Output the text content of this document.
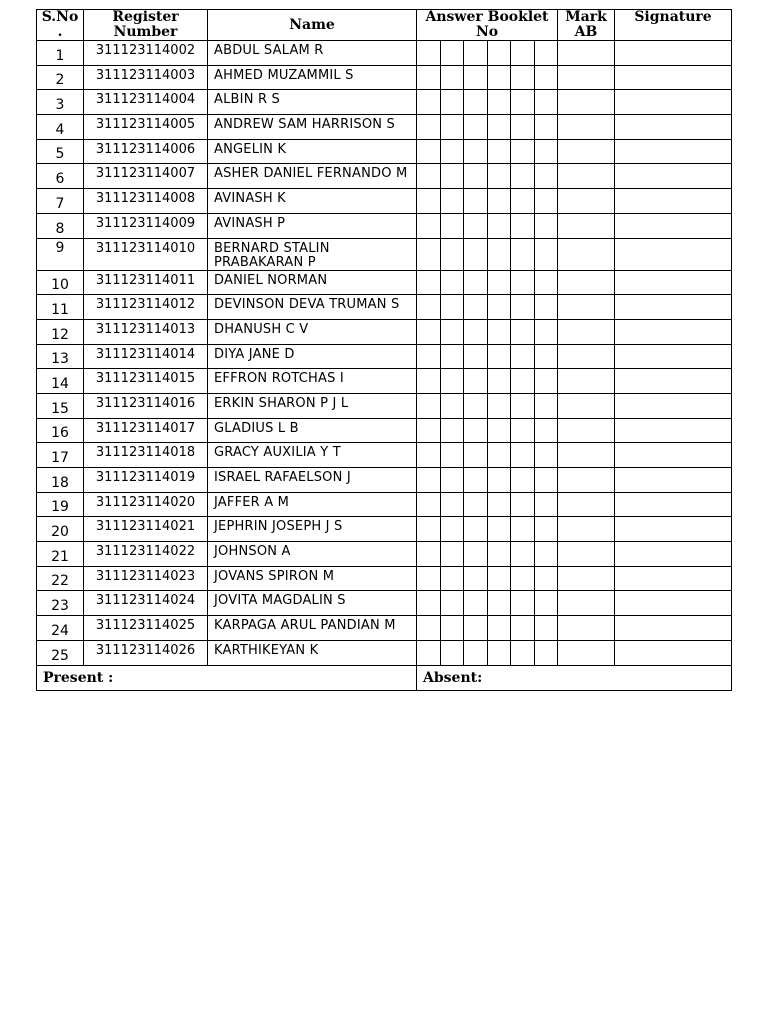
S.No .	Register Number	Name	Answer Booklet No						Mark AB	Signature
1	311123114002	ABDUL SALAM R								
2	311123114003	AHMED MUZAMMIL S								
3	311123114004	ALBIN R S								
4	311123114005	ANDREW SAM HARRISON S								
5	311123114006	ANGELIN K								
6	311123114007	ASHER DANIEL FERNANDO M								
7	311123114008	AVINASH K								
8	311123114009	AVINASH P								
9	311123114010	BERNARD STALIN PRABAKARAN P								
10	311123114011	DANIEL NORMAN								
11	311123114012	DEVINSON DEVA TRUMAN S								
12	311123114013	DHANUSH C V								
13	311123114014	DIYA JANE D								
14	311123114015	EFFRON ROTCHAS I								
15	311123114016	ERKIN SHARON P J L								
16	311123114017	GLADIUS L B								
17	311123114018	GRACY AUXILIA Y T								
18	311123114019	ISRAEL RAFAELSON J								
19	311123114020	JAFFER A M								
20	311123114021	JEPHRIN JOSEPH J S								
21	311123114022	JOHNSON A								
22	311123114023	JOVANS SPIRON M								
23	311123114024	JOVITA MAGDALIN S								
24	311123114025	KARPAGA ARUL PANDIAN M								
25	311123114026	KARTHIKEYAN K								
Present :			Absent:							
